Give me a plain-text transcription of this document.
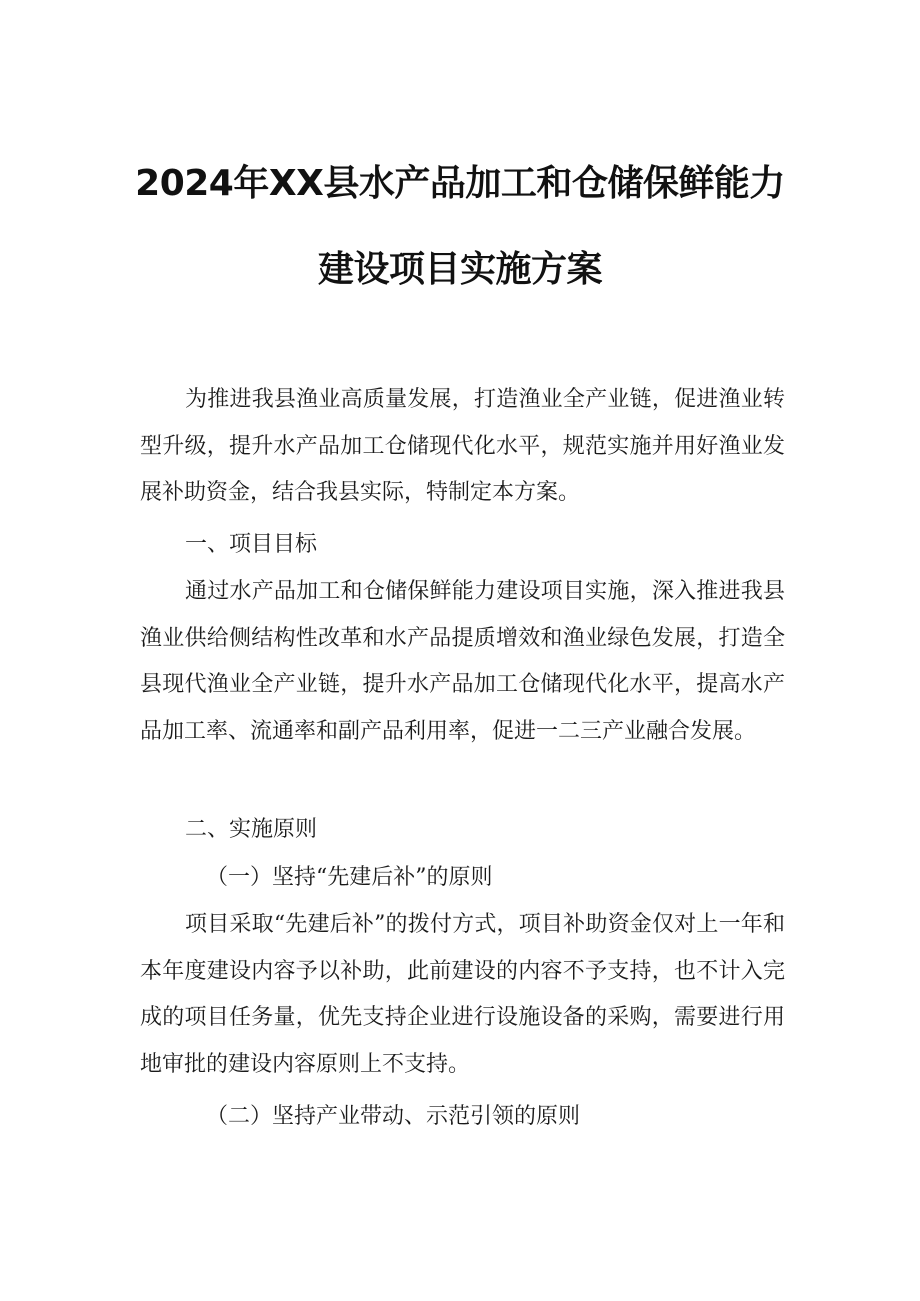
2024年XX县水产品加工和仓储保鲜能力
建设项目实施方案

为推进我县渔业高质量发展，打造渔业全产业链，促进渔业转型升级，提升水产品加工仓储现代化水平，规范实施并用好渔业发展补助资金，结合我县实际，特制定本方案。

一、项目目标

通过水产品加工和仓储保鲜能力建设项目实施，深入推进我县渔业供给侧结构性改革和水产品提质增效和渔业绿色发展，打造全县现代渔业全产业链，提升水产品加工仓储现代化水平，提高水产品加工率、流通率和副产品利用率，促进一二三产业融合发展。

二、实施原则

（一）坚持“先建后补”的原则

项目采取“先建后补”的拨付方式，项目补助资金仅对上一年和本年度建设内容予以补助，此前建设的内容不予支持，也不计入完成的项目任务量，优先支持企业进行设施设备的采购，需要进行用地审批的建设内容原则上不支持。

（二）坚持产业带动、示范引领的原则
